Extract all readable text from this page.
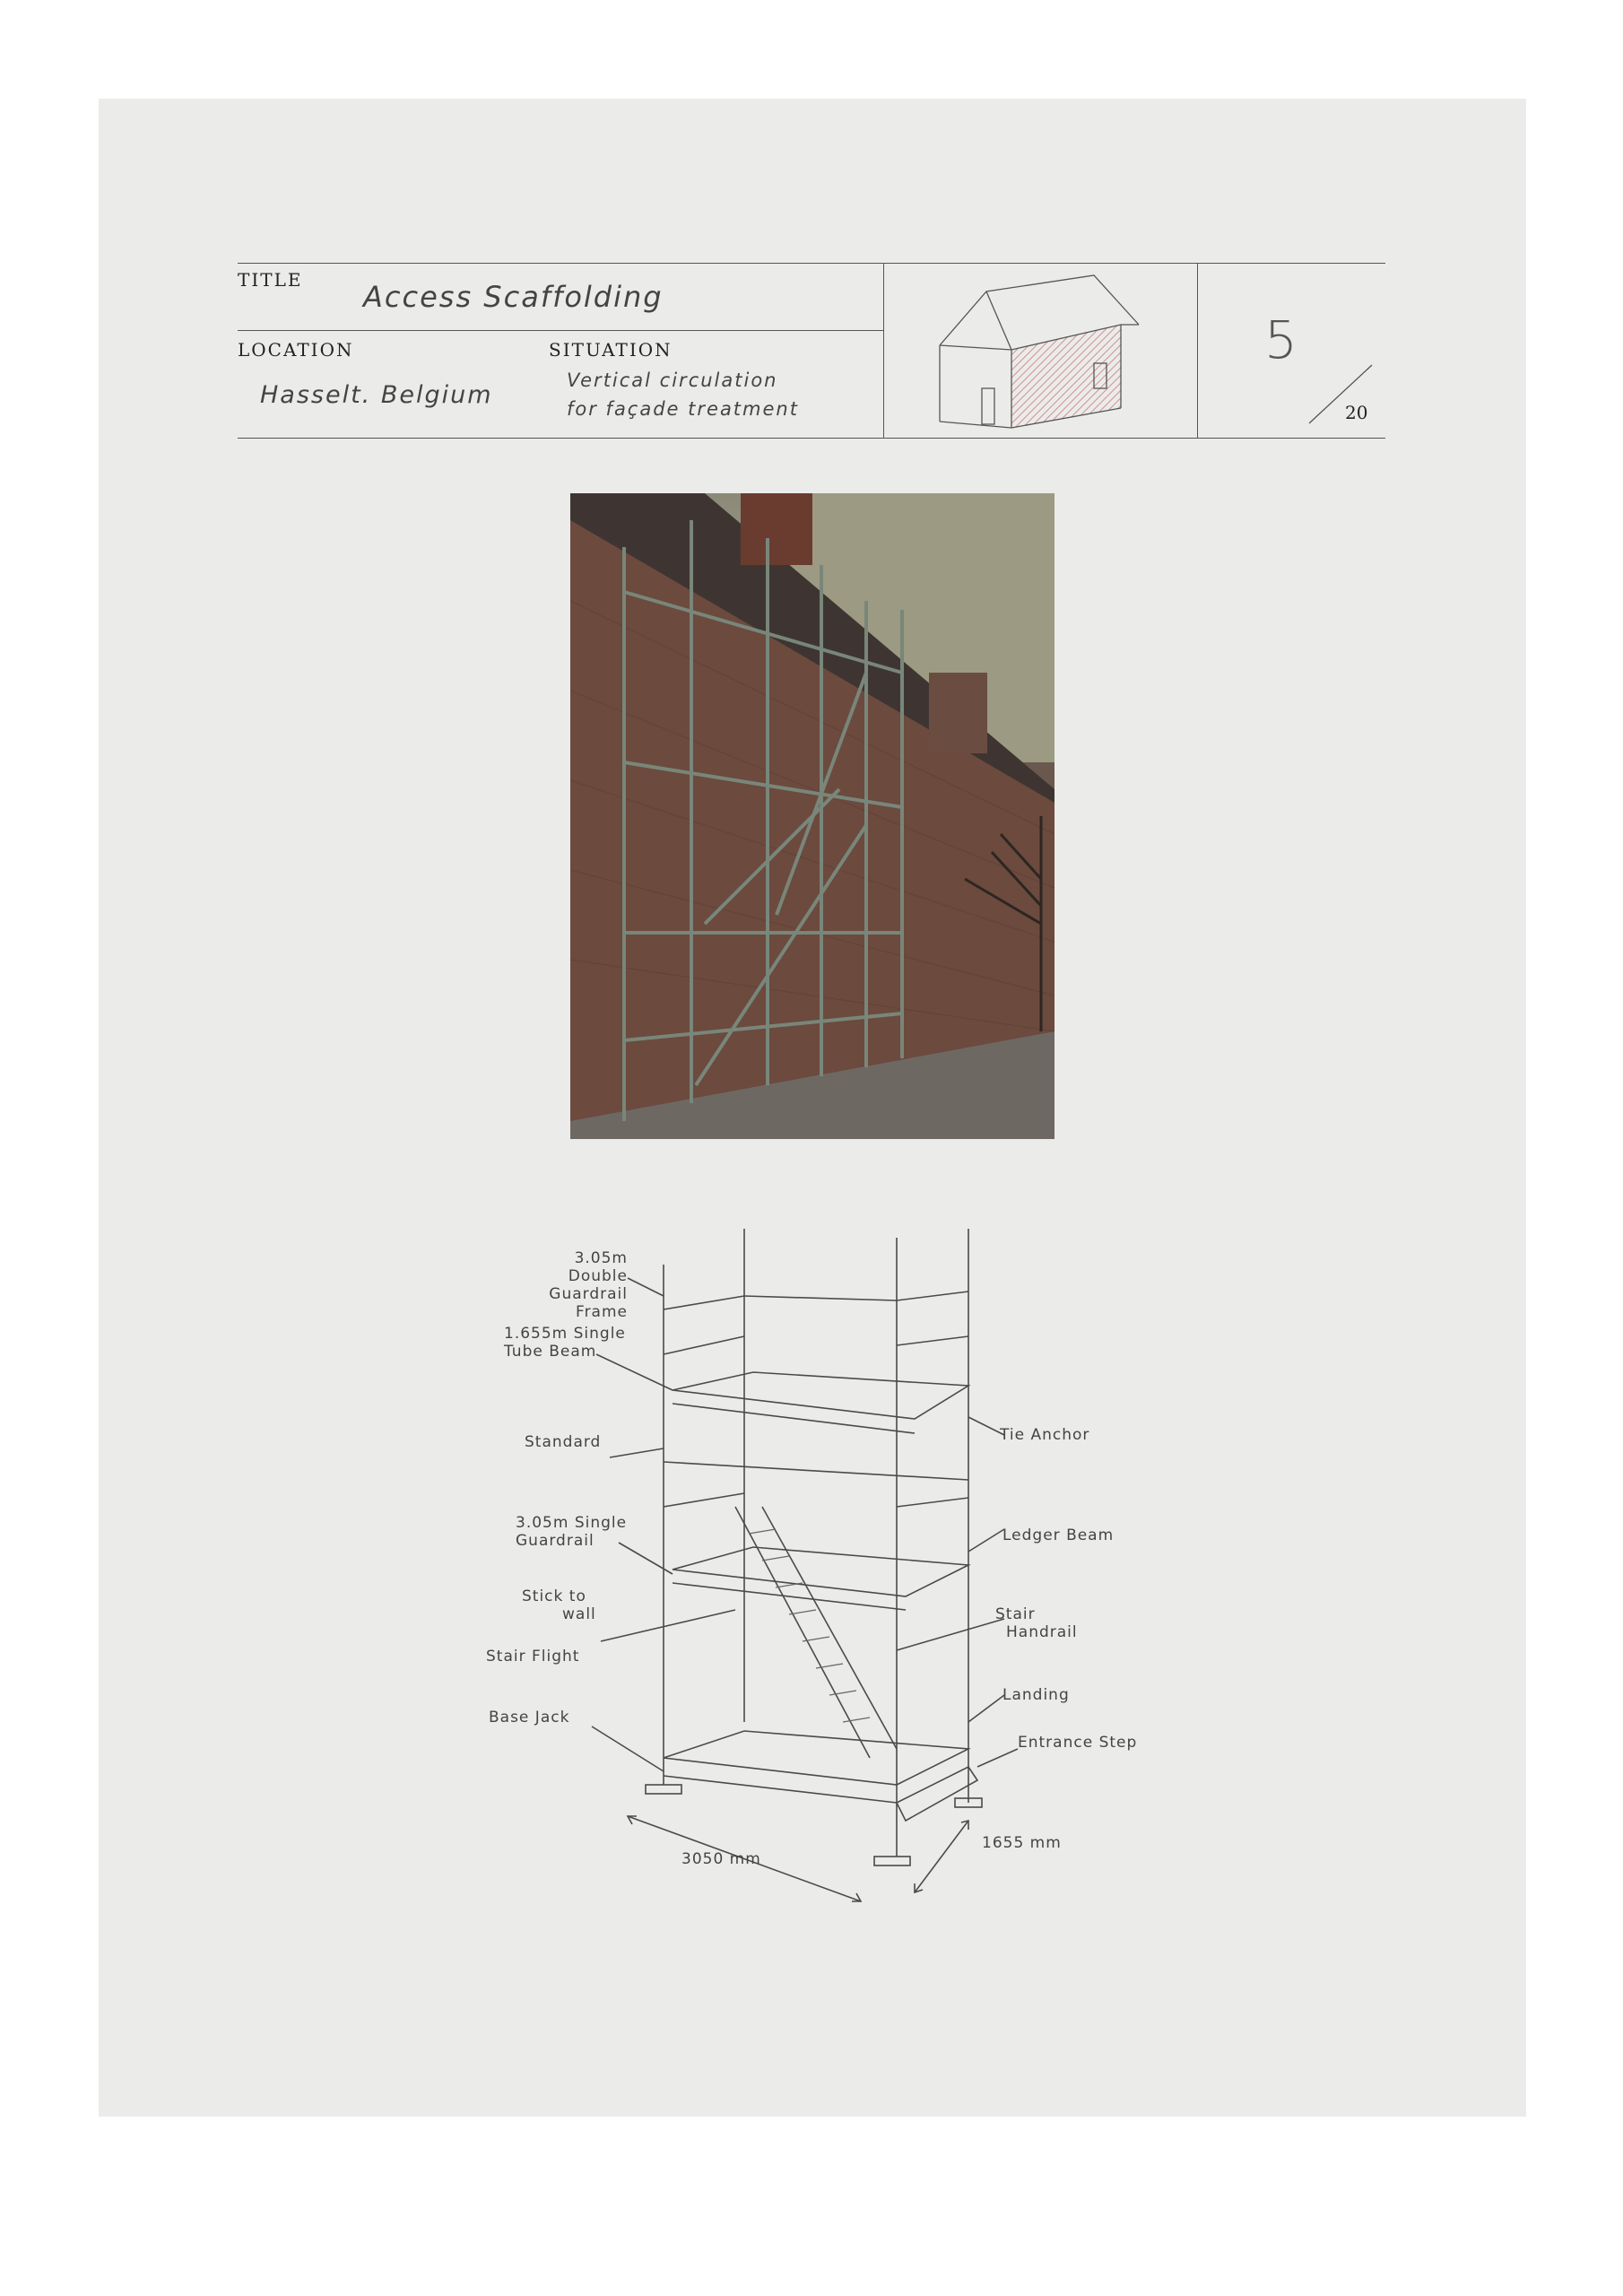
TITLE Access Scaffolding
LOCATION
Hasselt. Belgium
SITUATION
Vertical circulation
for façade treatment
5
20
3.05m Double
Guardrail Frame
1.655m Single
Tube Beam
Standard
3.05m Single
Guardrail
Stick to
wall
Stair Flight
Base Jack
Tie Anchor
Ledger Beam
Stair
Handrail
Landing
Entrance Step
3050 mm
1655 mm
